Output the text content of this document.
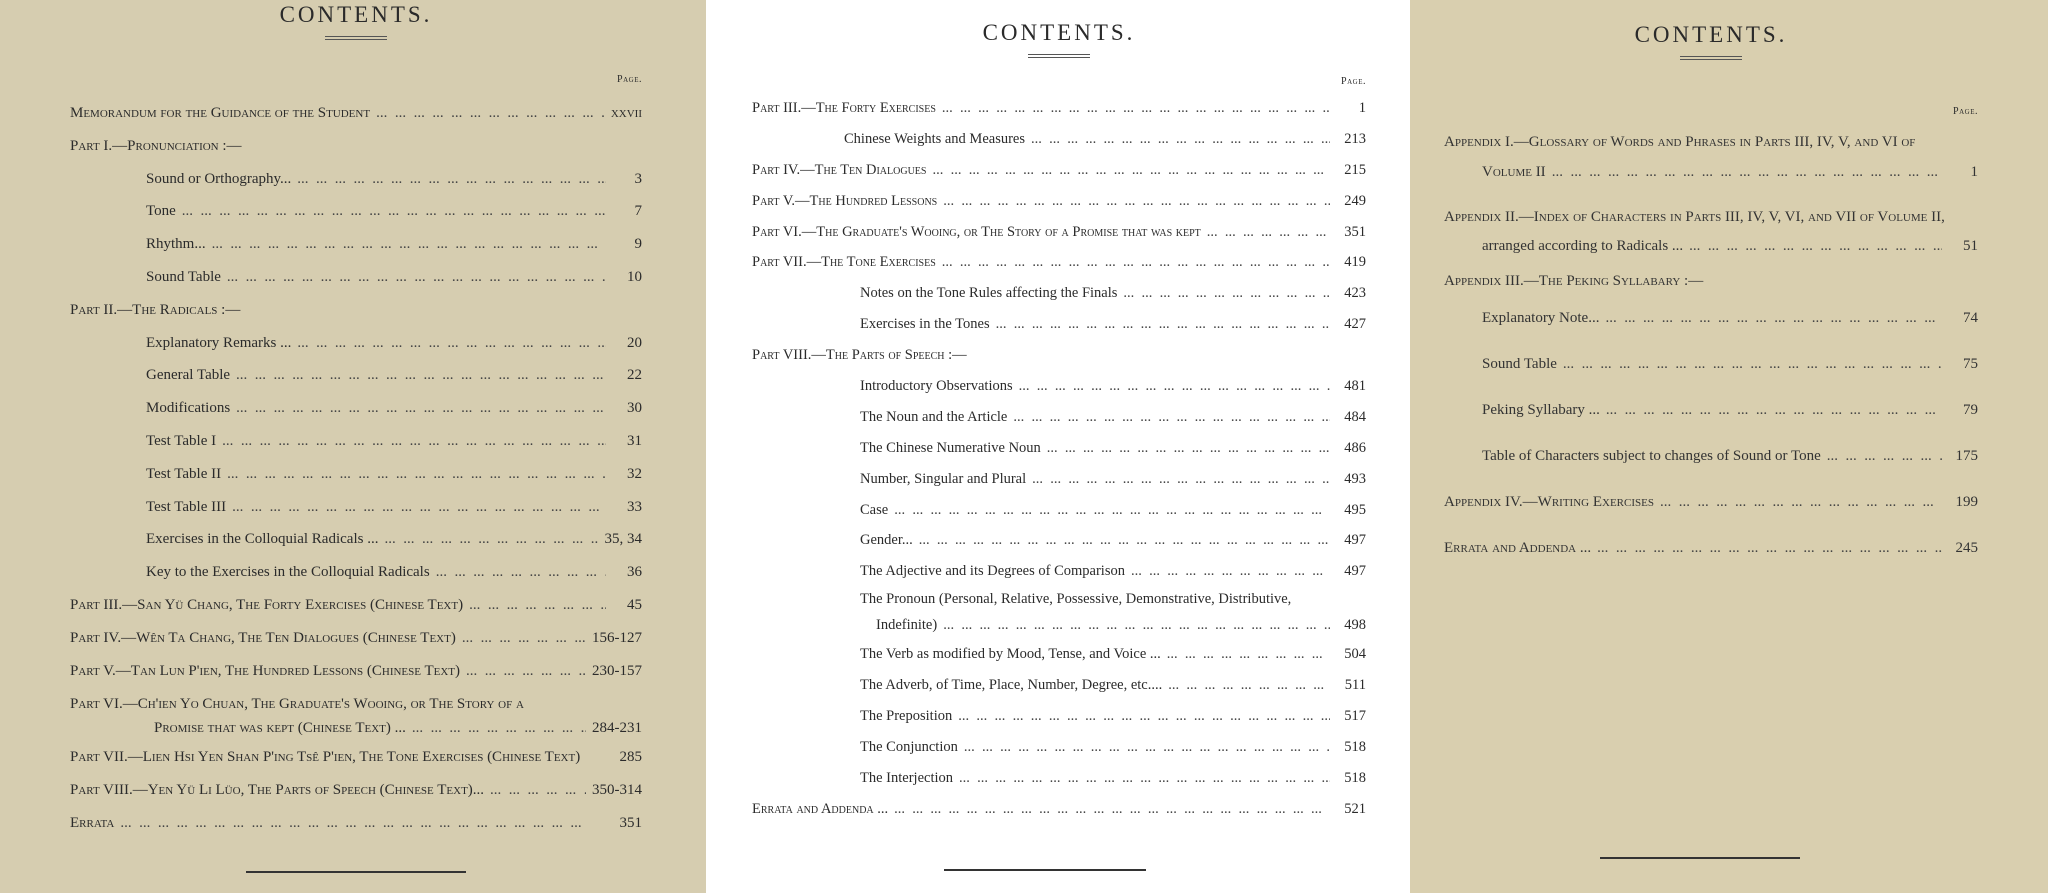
CONTENTS.
Page.
Memorandum for the Guidance of the Student ...	xxvii
Part I.—Pronunciation :—
Sound or Orthography... ...	3
Tone ...	7
Rhythm... ...	9
Sound Table ...	10
Part II.—The Radicals :—
Explanatory Remarks ... ...	20
General Table ...	22
Modifications ...	30
Test Table I ...	31
Test Table II ...	32
Test Table III ...	33
Exercises in the Colloquial Radicals ... ...	35, 34
Key to the Exercises in the Colloquial Radicals ...	36
Part III.—San Yü Chang, The Forty Exercises (Chinese Text) ...	45
Part IV.—Wên Ta Chang, The Ten Dialogues (Chinese Text) ...	156-127
Part V.—Tan Lun P'ien, The Hundred Lessons (Chinese Text) ...	230-157
Part VI.—Ch'ien Yo Chuan, The Graduate's Wooing, or The Story of a
Promise that was kept (Chinese Text) ... ...	284-231
Part VII.—Lien Hsi Yen Shan P'ing Tsê P'ien, The Tone Exercises (Chinese Text)	285
Part VIII.—Yen Yü Li Lüo, The Parts of Speech (Chinese Text)... ...	350-314
Errata ...	351
CONTENTS.
Page.
Part III.—The Forty Exercises ...	1
Chinese Weights and Measures ...	213
Part IV.—The Ten Dialogues ...	215
Part V.—The Hundred Lessons ...	249
Part VI.—The Graduate's Wooing, or The Story of a Promise that was kept ...	351
Part VII.—The Tone Exercises ...	419
Notes on the Tone Rules affecting the Finals ...	423
Exercises in the Tones ...	427
Part VIII.—The Parts of Speech :—
Introductory Observations ...	481
The Noun and the Article ...	484
The Chinese Numerative Noun ...	486
Number, Singular and Plural ...	493
Case ...	495
Gender... ...	497
The Adjective and its Degrees of Comparison ...	497
The Pronoun (Personal, Relative, Possessive, Demonstrative, Distributive,
Indefinite) ...	498
The Verb as modified by Mood, Tense, and Voice ... ...	504
The Adverb, of Time, Place, Number, Degree, etc.... ...	511
The Preposition ...	517
The Conjunction ...	518
The Interjection ...	518
Errata and Addenda ... ...	521
CONTENTS.
Page.
Appendix I.—Glossary of Words and Phrases in Parts III, IV, V, and VI of
Volume II ...	1
Appendix II.—Index of Characters in Parts III, IV, V, VI, and VII of Volume II,
arranged according to Radicals ... ...	51
Appendix III.—The Peking Syllabary :—
Explanatory Note... ...	74
Sound Table ...	75
Peking Syllabary ... ...	79
Table of Characters subject to changes of Sound or Tone ...	175
Appendix IV.—Writing Exercises ...	199
Errata and Addenda ... ...	245
